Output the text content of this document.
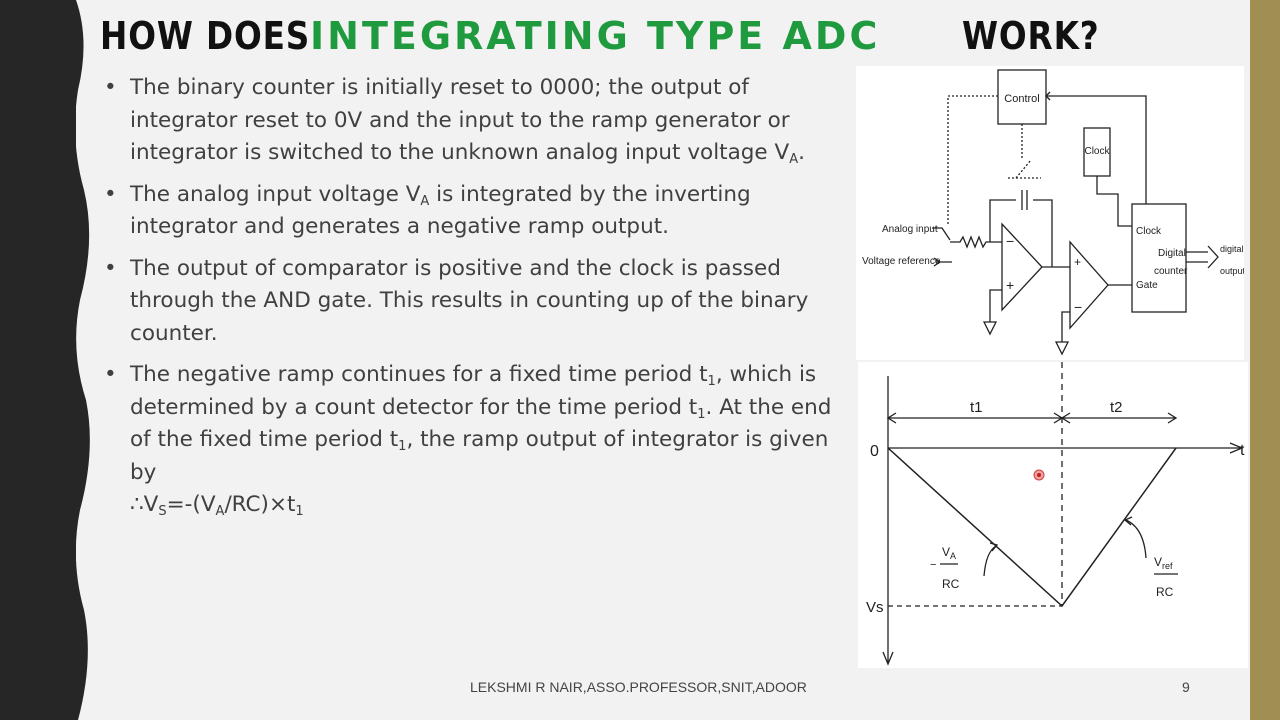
HOW DOES INTEGRATING TYPE ADC WORK?
• The binary counter is initially reset to 0000; the output of integrator reset to 0V and the input to the ramp generator or integrator is switched to the unknown analog input voltage $V_A$.
• The analog input voltage $V_A$ is integrated by the inverting integrator and generates a negative ramp output.
• The output of comparator is positive and the clock is passed through the AND gate. This results in counting up of the binary counter.
• The negative ramp continues for a fixed time period $t_1$, which is determined by a count detector for the time period $t_1$. At the end of the fixed time period $t_1$, the ramp output of integrator is given by
$\therefore V_S=-(V_A/RC)\times t_1$
Control
Clock
Clock
Digital
counter
Gate
digital
output
Analog input
Voltage reference
−
+
+
−
t
0
Vs
t1	t2
−
$V_A$
RC
$V_{ref}$
RC
LEKSHMI R NAIR,ASSO.PROFESSOR,SNIT,ADOOR	9
